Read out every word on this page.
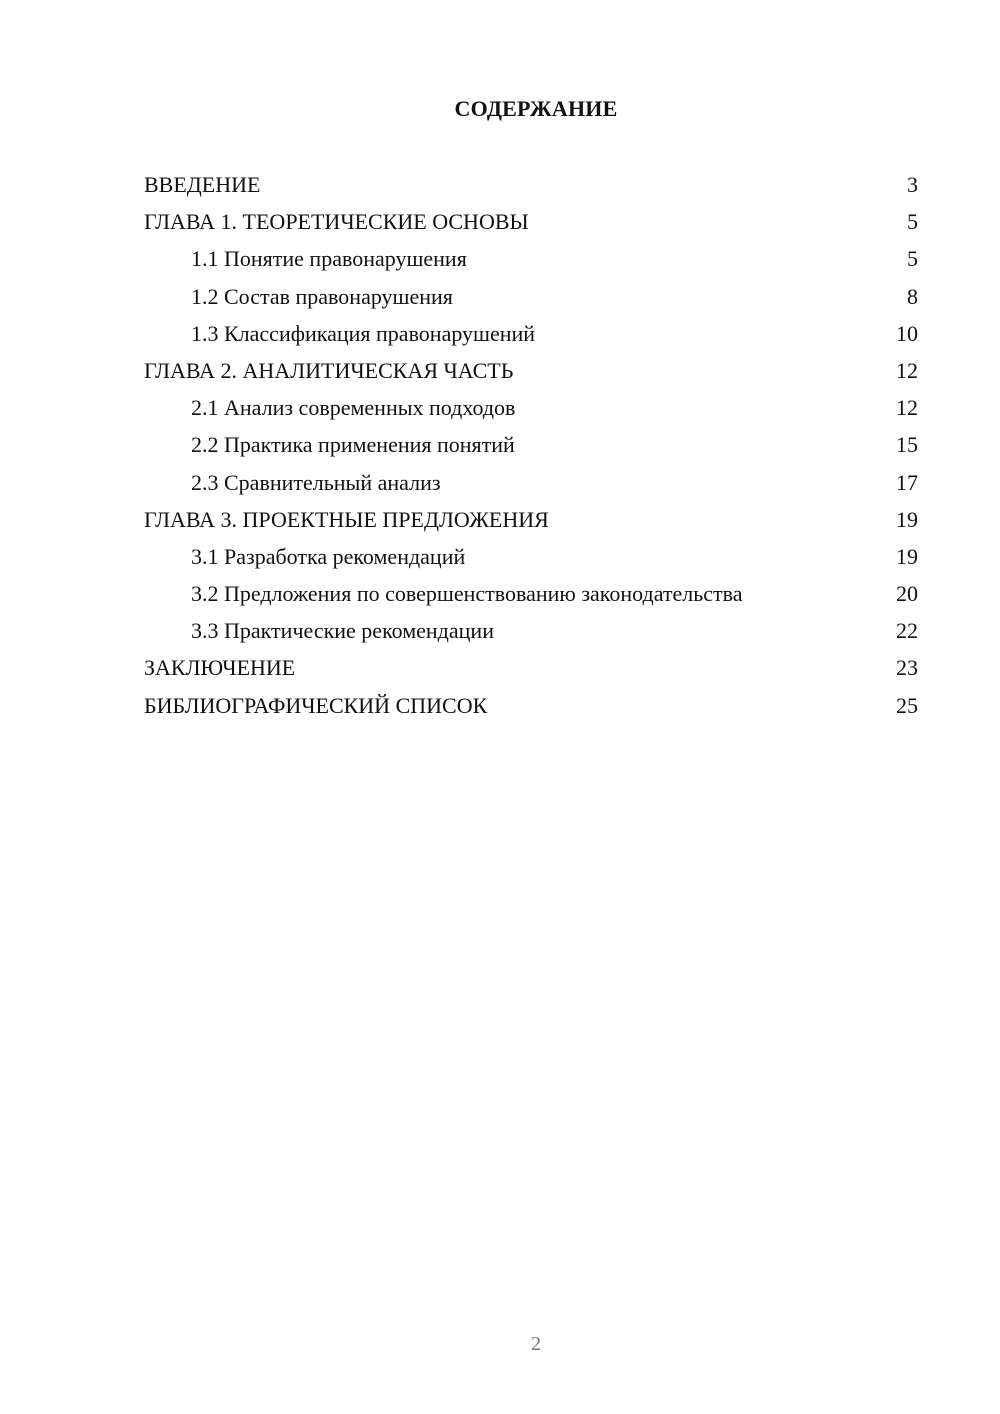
СОДЕРЖАНИЕ
ВВЕДЕНИЕ	3
ГЛАВА 1. ТЕОРЕТИЧЕСКИЕ ОСНОВЫ	5
1.1 Понятие правонарушения	5
1.2 Состав правонарушения	8
1.3 Классификация правонарушений	10
ГЛАВА 2. АНАЛИТИЧЕСКАЯ ЧАСТЬ	12
2.1 Анализ современных подходов	12
2.2 Практика применения понятий	15
2.3 Сравнительный анализ	17
ГЛАВА 3. ПРОЕКТНЫЕ ПРЕДЛОЖЕНИЯ	19
3.1 Разработка рекомендаций	19
3.2 Предложения по совершенствованию законодательства	20
3.3 Практические рекомендации	22
ЗАКЛЮЧЕНИЕ	23
БИБЛИОГРАФИЧЕСКИЙ СПИСОК	25
2
